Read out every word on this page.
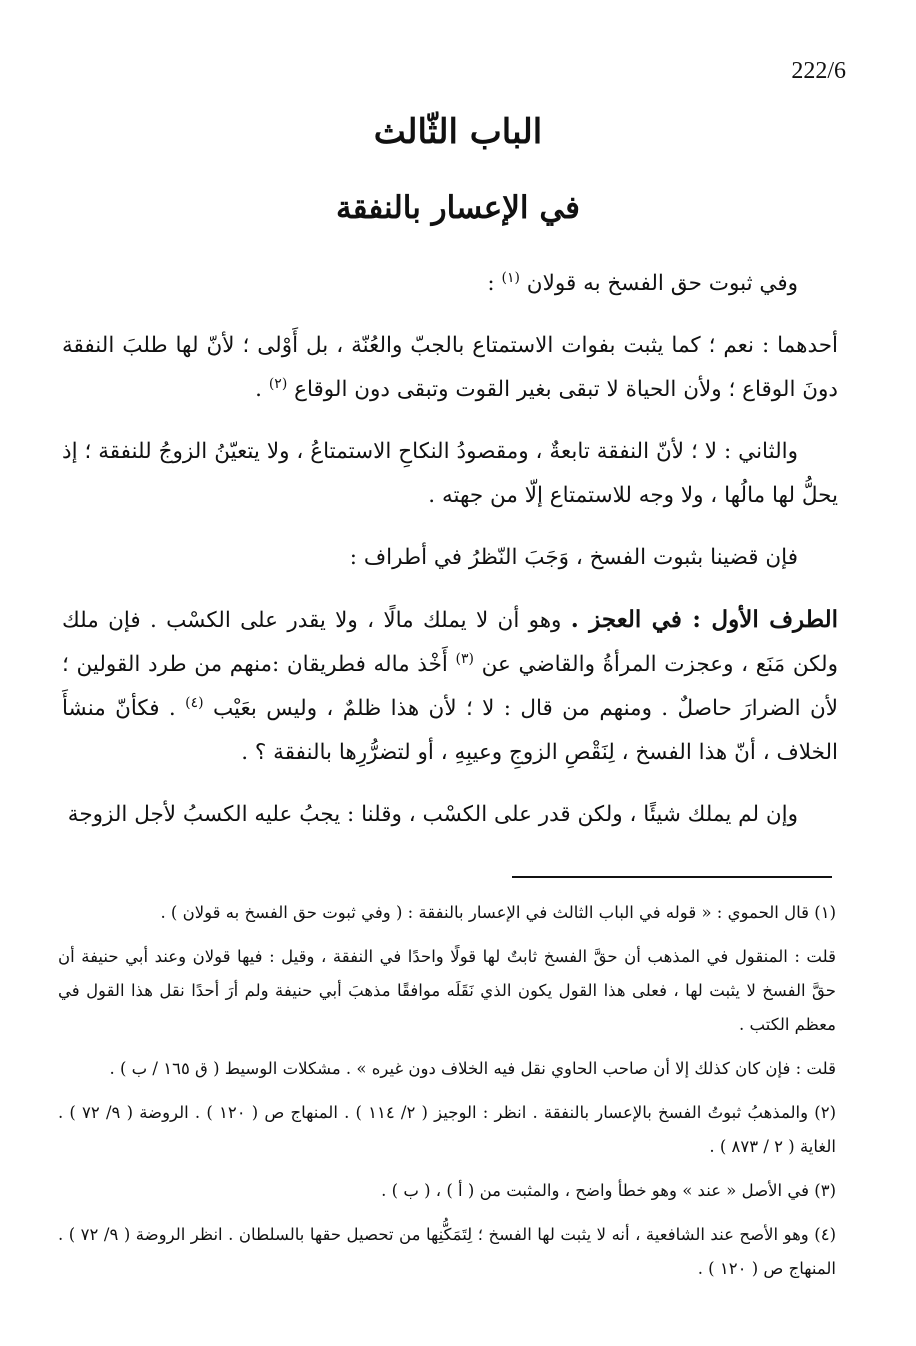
222/6
الباب الثّالث
في الإعسار بالنفقة

وفي ثبوت حق الفسخ به قولان $^{(١)}$ :

أحدهما : نعم ؛ كما يثبت بفوات الاستمتاع بالجبّ والعُنّة ، بل أَوْلى ؛ لأنّ لها طلبَ النفقة دونَ الوقاع ؛ ولأن الحياة لا تبقى بغير القوت وتبقى دون الوقاع $^{(٢)}$ .

والثاني : لا ؛ لأنّ النفقة تابعةٌ ، ومقصودُ النكاحِ الاستمتاعُ ، ولا يتعيّنُ الزوجُ للنفقة ؛ إذ يحلُّ لها مالُها ، ولا وجه للاستمتاع إلّا من جهته .

فإن قضينا بثبوت الفسخ ، وَجَبَ النّظرُ في أطراف :

الطرف الأول : في العجز . وهو أن لا يملك مالًا ، ولا يقدر على الكسْب . فإن ملك ولكن مَنَع ، وعجزت المرأةُ والقاضي عن $^{(٣)}$ أَخْذ ماله فطريقان :منهم من طرد القولين ؛ لأن الضرارَ حاصلٌ . ومنهم من قال : لا ؛ لأن هذا ظلمٌ ، وليس بعَيْب $^{(٤)}$ . فكأنّ منشأَ الخلاف ، أنّ هذا الفسخ ، لِنَقْصِ الزوجِ وعيبِهِ ، أو لتضرُّرِها بالنفقة ؟ .

وإن لم يملك شيئًا ، ولكن قدر على الكسْب ، وقلنا : يجبُ عليه الكسبُ لأجل الزوجة

(١) قال الحموي : « قوله في الباب الثالث في الإعسار بالنفقة : ( وفي ثبوت حق الفسخ به قولان ) .

قلت : المنقول في المذهب أن حقَّ الفسخ ثابتٌ لها قولًا واحدًا في النفقة ، وقيل : فيها قولان وعند أبي حنيفة أن حقَّ الفسخ لا يثبت لها ، فعلى هذا القول يكون الذي نَقَلَه موافقًا مذهبَ أبي حنيفة ولم أرَ أحدًا نقل هذا القول في معظم الكتب .

قلت : فإن كان كذلك إلا أن صاحب الحاوي نقل فيه الخلاف دون غيره » . مشكلات الوسيط ( ق ١٦٥ / ب ) .

(٢) والمذهبُ ثبوتُ الفسخ بالإعسار بالنفقة . انظر : الوجيز ( ٢/ ١١٤ ) . المنهاج ص ( ١٢٠ ) . الروضة ( ٩/ ٧٢ ) . الغاية ( ٢ / ٨٧٣ ) .

(٣) في الأصل « عند » وهو خطأ واضح ، والمثبت من ( أ ) ، ( ب ) .

(٤) وهو الأصح عند الشافعية ، أنه لا يثبت لها الفسخ ؛ لِتَمَكُّنِها من تحصيل حقها بالسلطان . انظر الروضة ( ٩/ ٧٢ ) . المنهاج ص ( ١٢٠ ) .
